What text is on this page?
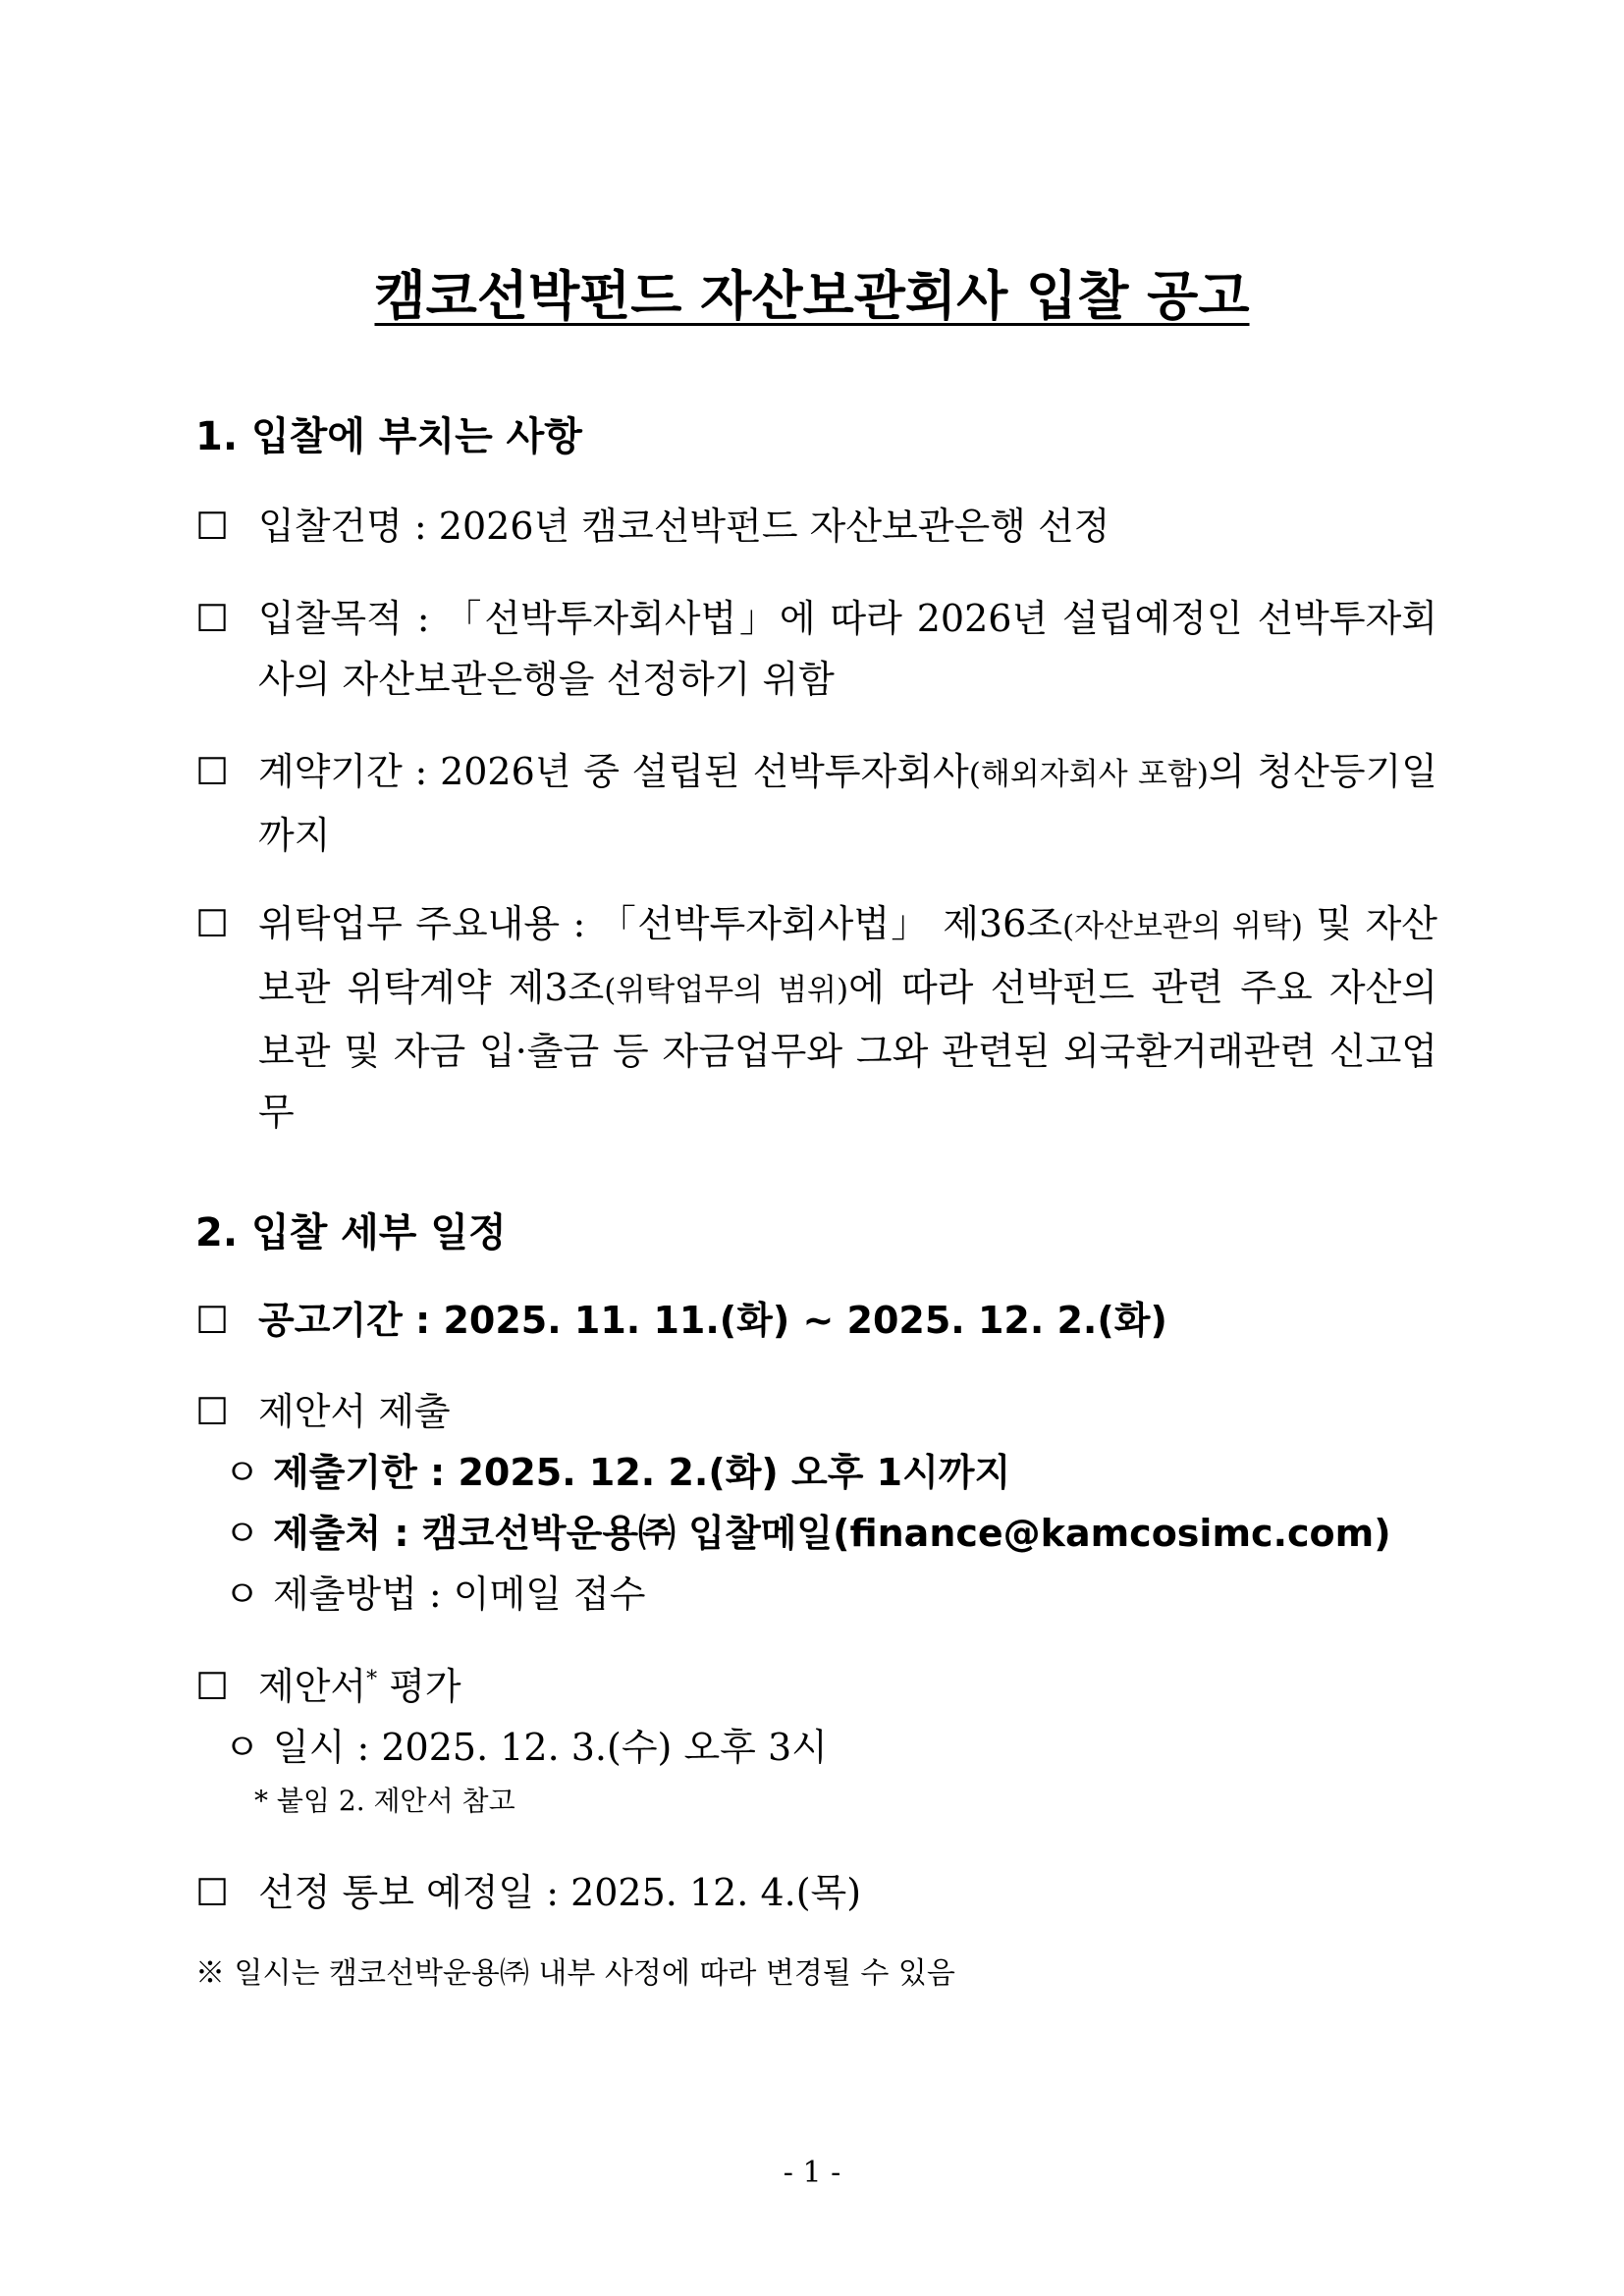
캠코선박펀드 자산보관회사 입찰 공고
1. 입찰에 부치는 사항
☐ 입찰건명 : 2026년 캠코선박펀드 자산보관은행 선정
☐ 입찰목적 : 「선박투자회사법」에 따라 2026년 설립예정인 선박투자회사의 자산보관은행을 선정하기 위함
☐ 계약기간 : 2026년 중 설립된 선박투자회사(해외자회사 포함)의 청산등기일까지
☐ 위탁업무 주요내용 : 「선박투자회사법」 제36조(자산보관의 위탁) 및 자산보관 위탁계약 제3조(위탁업무의 범위)에 따라 선박펀드 관련 주요 자산의 보관 및 자금 입·출금 등 자금업무와 그와 관련된 외국환거래관련 신고업무
2. 입찰 세부 일정
☐ 공고기간 : 2025. 11. 11.(화) ~ 2025. 12. 2.(화)
☐ 제안서 제출
ㅇ 제출기한 : 2025. 12. 2.(화) 오후 1시까지
ㅇ 제출처 : 캠코선박운용㈜ 입찰메일(finance@kamcosimc.com)
ㅇ 제출방법 : 이메일 접수
☐ 제안서* 평가
ㅇ 일시 : 2025. 12. 3.(수) 오후 3시
* 붙임 2. 제안서 참고
☐ 선정 통보 예정일 : 2025. 12. 4.(목)
※ 일시는 캠코선박운용㈜ 내부 사정에 따라 변경될 수 있음
- 1 -
